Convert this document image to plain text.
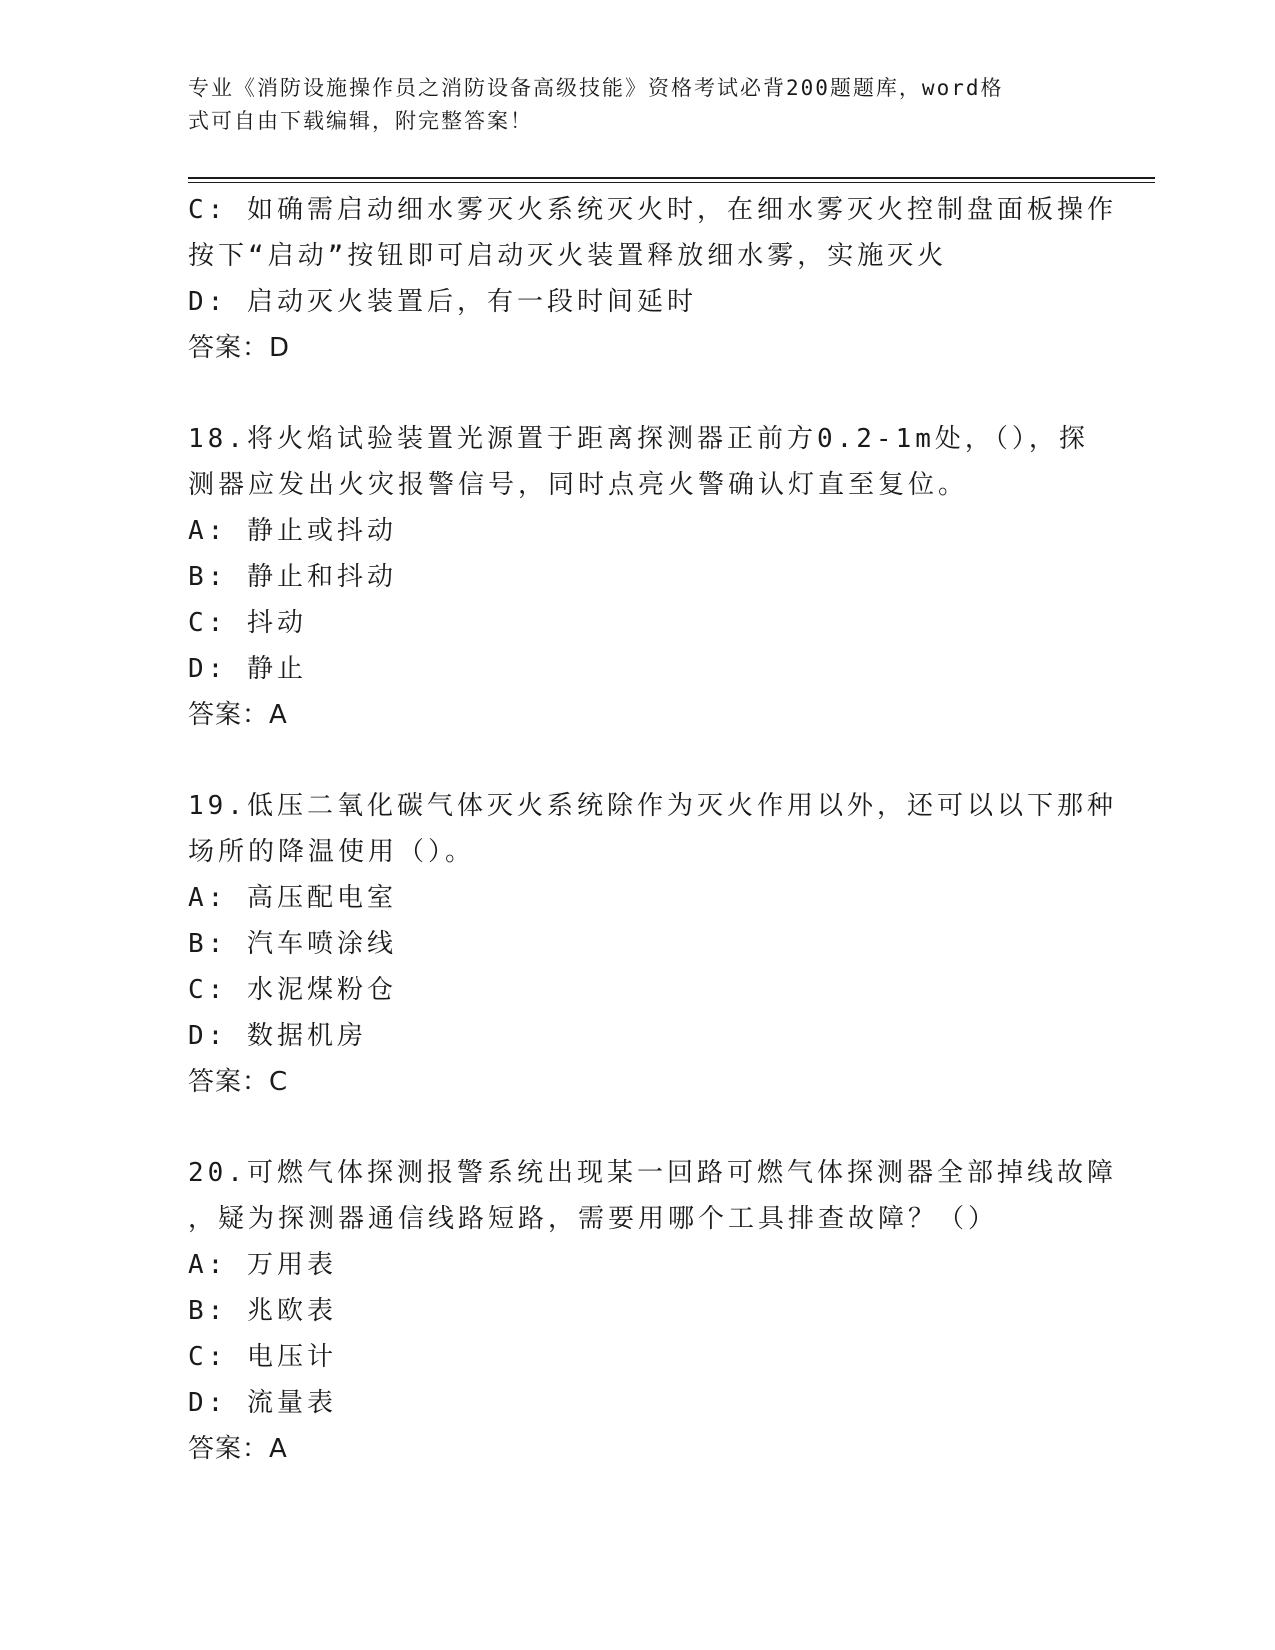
专业《消防设施操作员之消防设备高级技能》资格考试必背200题题库，word格
式可自由下载编辑，附完整答案！
C: 如确需启动细水雾灭火系统灭火时，在细水雾灭火控制盘面板操作
按下“启动”按钮即可启动灭火装置释放细水雾，实施灭火
D: 启动灭火装置后，有一段时间延时
答案：D
18.将火焰试验装置光源置于距离探测器正前方0.2-1m处，（），探
测器应发出火灾报警信号，同时点亮火警确认灯直至复位。
A: 静止或抖动
B: 静止和抖动
C: 抖动
D: 静止
答案：A
19.低压二氧化碳气体灭火系统除作为灭火作用以外，还可以以下那种
场所的降温使用（）。
A: 高压配电室
B: 汽车喷涂线
C: 水泥煤粉仓
D: 数据机房
答案：C
20.可燃气体探测报警系统出现某一回路可燃气体探测器全部掉线故障
，疑为探测器通信线路短路，需要用哪个工具排查故障？（）
A: 万用表
B: 兆欧表
C: 电压计
D: 流量表
答案：A
